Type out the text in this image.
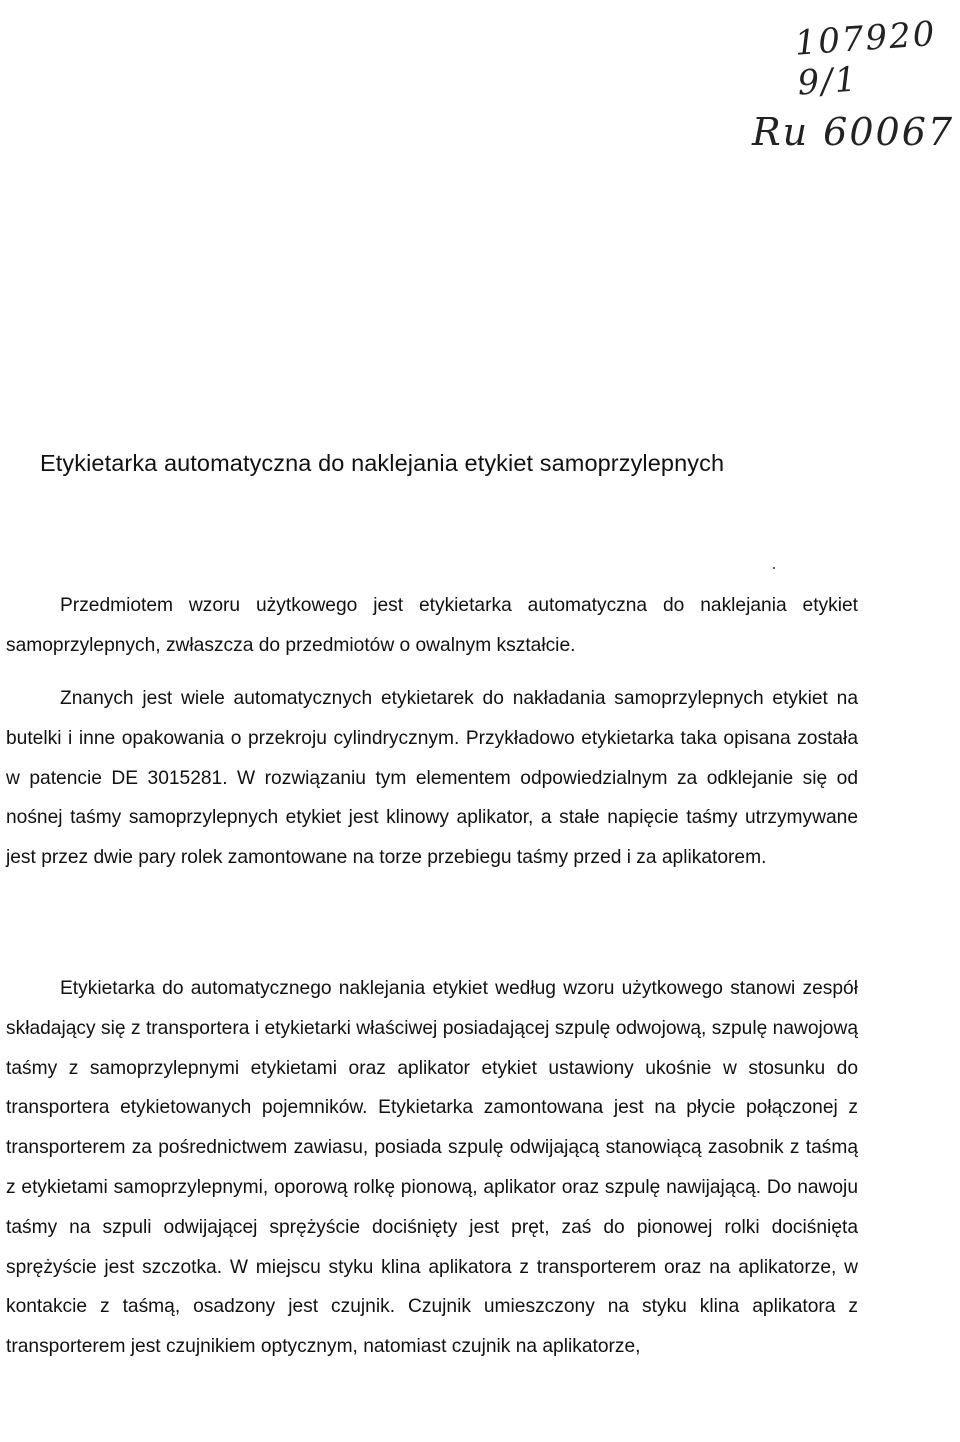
107920 9/1
Ru 60067
Etykietarka automatyczna do naklejania etykiet samoprzylepnych
Przedmiotem wzoru użytkowego jest etykietarka automatyczna do naklejania etykiet samoprzylepnych, zwłaszcza do przedmiotów o owalnym kształcie.
Znanych jest wiele automatycznych etykietarek do nakładania samoprzylepnych etykiet na butelki i inne opakowania o przekroju cylindrycznym. Przykładowo etykietarka taka opisana została w patencie DE 3015281. W rozwiązaniu tym elementem odpowiedzialnym za odklejanie się od nośnej taśmy samoprzylepnych etykiet jest klinowy aplikator, a stałe napięcie taśmy utrzymywane jest przez dwie pary rolek zamontowane na torze przebiegu taśmy przed i za aplikatorem.
Etykietarka do automatycznego naklejania etykiet według wzoru użytkowego stanowi zespół składający się z transportera i etykietarki właściwej posiadającej szpulę odwojową, szpulę nawojową taśmy z samoprzylepnymi etykietami oraz aplikator etykiet ustawiony ukośnie w stosunku do transportera etykietowanych pojemników. Etykietarka zamontowana jest na płycie połączonej z transporterem za pośrednictwem zawiasu, posiada szpulę odwijającą stanowiącą zasobnik z taśmą z etykietami samoprzylepnymi, oporową rolkę pionową, aplikator oraz szpulę nawijającą. Do nawoju taśmy na szpuli odwijającej sprężyście dociśnięty jest pręt, zaś do pionowej rolki dociśnięta sprężyście jest szczotka. W miejscu styku klina aplikatora z transporterem oraz na aplikatorze, w kontakcie z taśmą, osadzony jest czujnik. Czujnik umieszczony na styku klina aplikatora z transporterem jest czujnikiem optycznym, natomiast czujnik na aplikatorze,
